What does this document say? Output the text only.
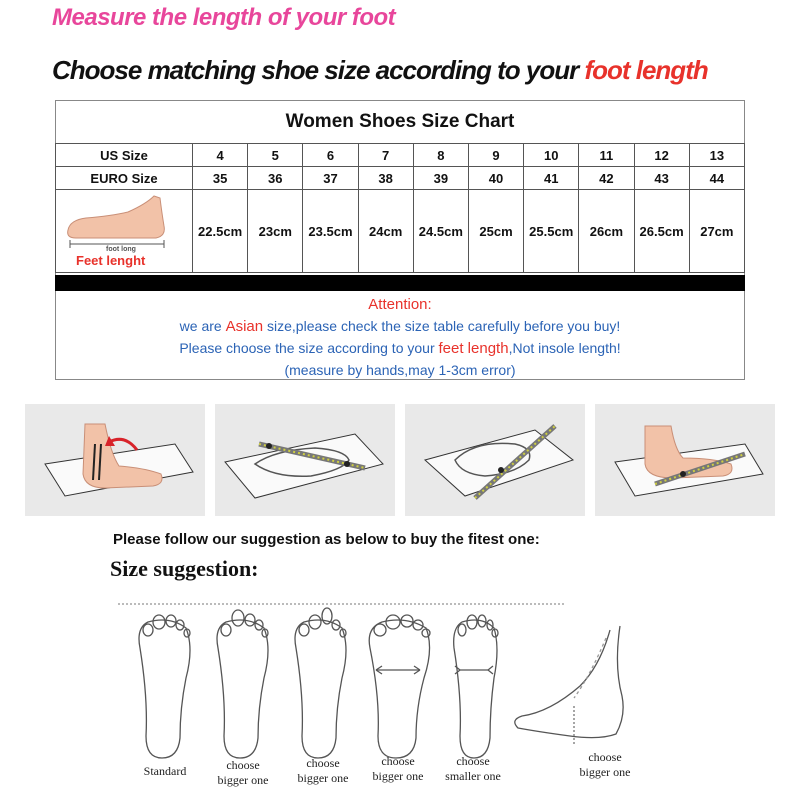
Measure the length of your foot
Choose matching shoe size according to your foot length
Women Shoes Size Chart
US Size	4	5	6	7	8	9	10	11	12	13
EURO Size	35	36	37	38	39	40	41	42	43	44

foot long
Feet lenght	22.5cm	23cm	23.5cm	24cm	24.5cm	25cm	25.5cm	26cm	26.5cm	27cm
Attention:
we are Asian size,please check the size table carefully before you buy!
Please choose the size according to your feet length,Not insole length!
(measure by hands,may 1-3cm error)
Please follow our suggestion as below to buy the fitest one:
Size suggestion:
Standard	choose
bigger one
choose
bigger one
choose
bigger one
choose
smaller one
choose
bigger one
